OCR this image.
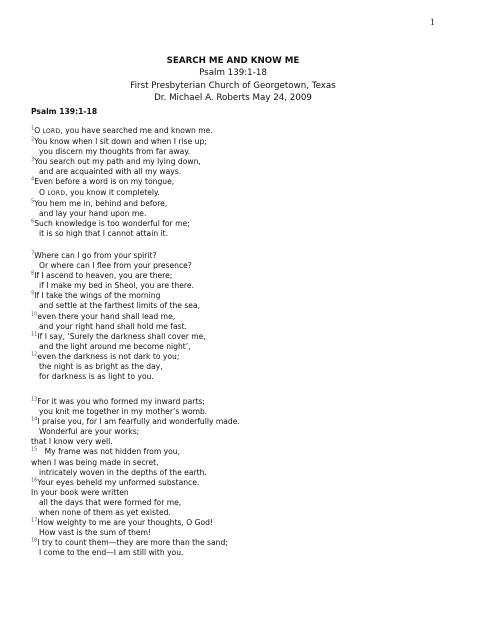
1
SEARCH ME AND KNOW ME
Psalm 139:1-18
First Presbyterian Church of Georgetown, Texas
Dr. Michael A. Roberts May 24, 2009
Psalm 139:1-18
$^1$O LORD, you have searched me and known me.
$^2$You know when I sit down and when I rise up;
you discern my thoughts from far away.
$^3$You search out my path and my lying down,
and are acquainted with all my ways.
$^4$Even before a word is on my tongue,
O LORD, you know it completely.
$^5$You hem me in, behind and before,
and lay your hand upon me.
$^6$Such knowledge is too wonderful for me;
it is so high that I cannot attain it.
$^7$Where can I go from your spirit?
Or where can I flee from your presence?
$^8$If I ascend to heaven, you are there;
if I make my bed in Sheol, you are there.
$^9$If I take the wings of the morning
and settle at the farthest limits of the sea,
$^{10}$even there your hand shall lead me,
and your right hand shall hold me fast.
$^{11}$If I say, ‘Surely the darkness shall cover me,
and the light around me become night’,
$^{12}$even the darkness is not dark to you;
the night is as bright as the day,
for darkness is as light to you.
$^{13}$For it was you who formed my inward parts;
you knit me together in my mother’s womb.
$^{14}$I praise you, for I am fearfully and wonderfully made.
Wonderful are your works;
that I know very well.
$^{15}$   My frame was not hidden from you,
when I was being made in secret,
intricately woven in the depths of the earth.
$^{16}$Your eyes beheld my unformed substance.
In your book were written
all the days that were formed for me,
when none of them as yet existed.
$^{17}$How weighty to me are your thoughts, O God!
How vast is the sum of them!
$^{18}$I try to count them—they are more than the sand;
I come to the end—I am still with you.
